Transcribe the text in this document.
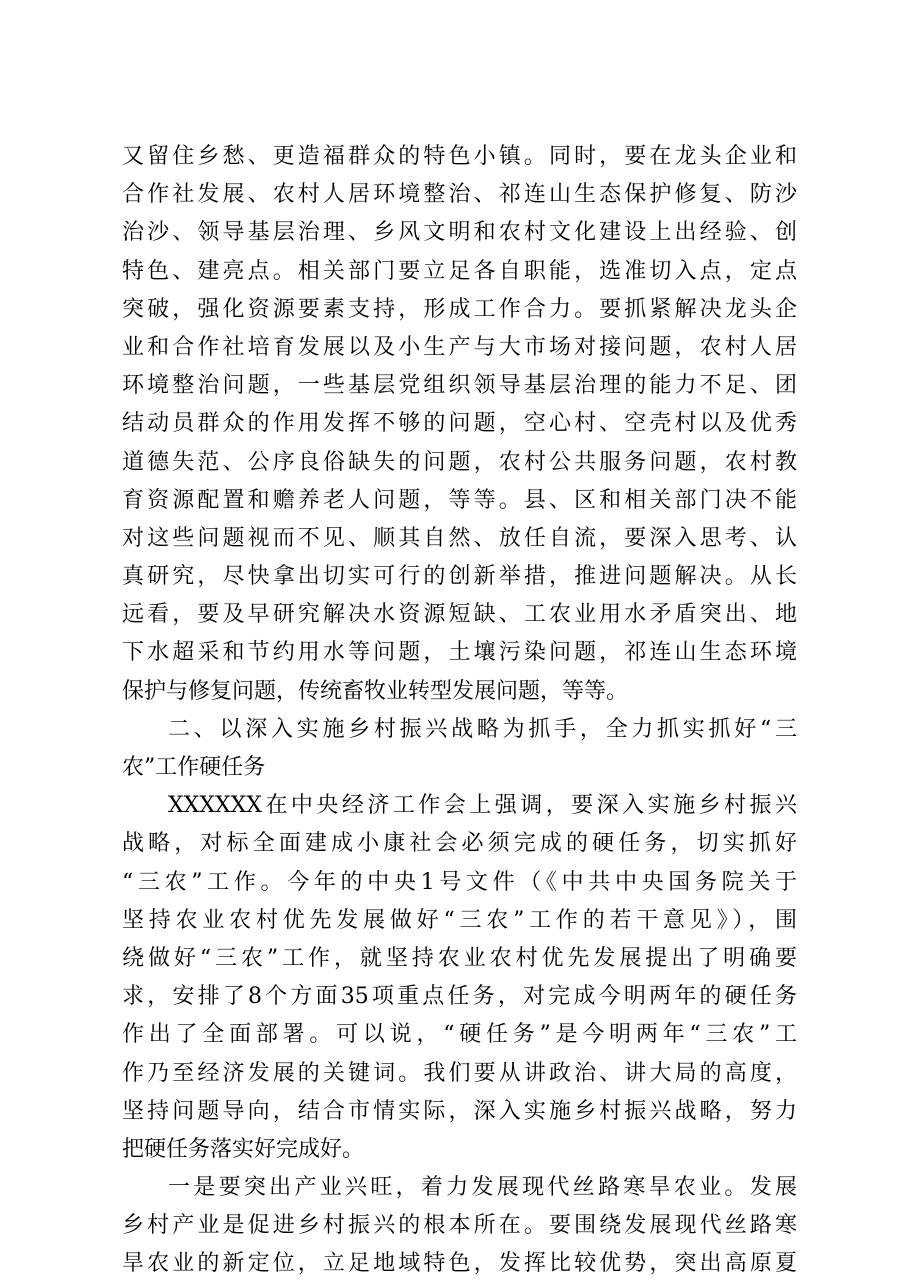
又留住乡愁、更造福群众的特色小镇。同时，要在龙头企业和
合作社发展、农村人居环境整治、祁连山生态保护修复、防沙
治沙、领导基层治理、乡风文明和农村文化建设上出经验、创
特色、建亮点。相关部门要立足各自职能，选准切入点，定点
突破，强化资源要素支持，形成工作合力。要抓紧解决龙头企
业和合作社培育发展以及小生产与大市场对接问题，农村人居
环境整治问题，一些基层党组织领导基层治理的能力不足、团
结动员群众的作用发挥不够的问题，空心村、空壳村以及优秀
道德失范、公序良俗缺失的问题，农村公共服务问题，农村教
育资源配置和赡养老人问题，等等。县、区和相关部门决不能
对这些问题视而不见、顺其自然、放任自流，要深入思考、认
真研究，尽快拿出切实可行的创新举措，推进问题解决。从长
远看，要及早研究解决水资源短缺、工农业用水矛盾突出、地
下水超采和节约用水等问题，土壤污染问题，祁连山生态环境
保护与修复问题，传统畜牧业转型发展问题，等等。
二、以深入实施乡村振兴战略为抓手，全力抓实抓好“三
农”工作硬任务
XXXXXX在中央经济工作会上强调，要深入实施乡村振兴
战略，对标全面建成小康社会必须完成的硬任务，切实抓好
“三农”工作。今年的中央1号文件（《中共中央国务院关于
坚持农业农村优先发展做好“三农”工作的若干意见》），围
绕做好“三农”工作，就坚持农业农村优先发展提出了明确要
求，安排了8个方面35项重点任务，对完成今明两年的硬任务
作出了全面部署。可以说，“硬任务”是今明两年“三农”工
作乃至经济发展的关键词。我们要从讲政治、讲大局的高度，
坚持问题导向，结合市情实际，深入实施乡村振兴战略，努力
把硬任务落实好完成好。
一是要突出产业兴旺，着力发展现代丝路寒旱农业。发展
乡村产业是促进乡村振兴的根本所在。要围绕发展现代丝路寒
旱农业的新定位，立足地域特色，发挥比较优势，突出高原夏
